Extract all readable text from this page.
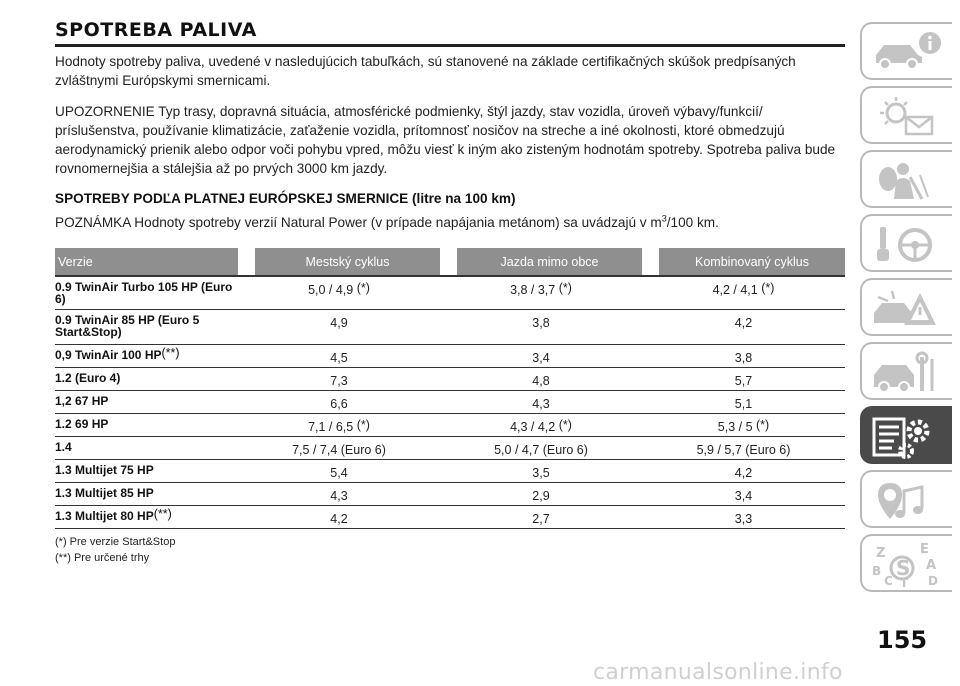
SPOTREBA PALIVA

Hodnoty spotreby paliva, uvedené v nasledujúcich tabuľkách, sú stanovené na základe certifikačných skúšok predpísaných zvláštnymi Európskymi smernicami.

UPOZORNENIE Typ trasy, dopravná situácia, atmosférické podmienky, štýl jazdy, stav vozidla, úroveň výbavy/funkcií/ príslušenstva, používanie klimatizácie, zaťaženie vozidla, prítomnosť nosičov na streche a iné okolnosti, ktoré obmedzujú aerodynamický prienik alebo odpor voči pohybu vpred, môžu viesť k iným ako zisteným hodnotám spotreby. Spotreba paliva bude rovnomernejšia a stálejšia až po prvých 3000 km jazdy.

SPOTREBY PODĽA PLATNEJ EURÓPSKEJ SMERNICE (litre na 100 km)
POZNÁMKA Hodnoty spotreby verzií Natural Power (v prípade napájania metánom) sa uvádzajú v $m^3/100$ km.
Verzie	Mestský cyklus	Jazda mimo obce	Kombinovaný cyklus
0.9 TwinAir Turbo 105 HP (Euro 6)	5,0 / 4,9 (*)	3,8 / 3,7 (*)	4,2 / 4,1 (*)
0.9 TwinAir 85 HP (Euro 5 Start&Stop)	4,9	3,8	4,2
0,9 TwinAir 100 HP(**)	4,5	3,4	3,8
1.2 (Euro 4)	7,3	4,8	5,7
1,2 67 HP	6,6	4,3	5,1
1.2 69 HP	7,1 / 6,5 (*)	4,3 / 4,2 (*)	5,3 / 5 (*)
1.4	7,5 / 7,4 (Euro 6)	5,0 / 4,7 (Euro 6)	5,9 / 5,7 (Euro 6)
1.3 Multijet 75 HP	5,4	3,5	4,2
1.3 Multijet 85 HP	4,3	2,9	3,4
1.3 Multijet 80 HP(**)	4,2	2,7	3,3
(*) Pre verzie Start&Stop
(**) Pre určené trhy	Z	E
A
B
C T D
S
155
carmanualsonline.info
